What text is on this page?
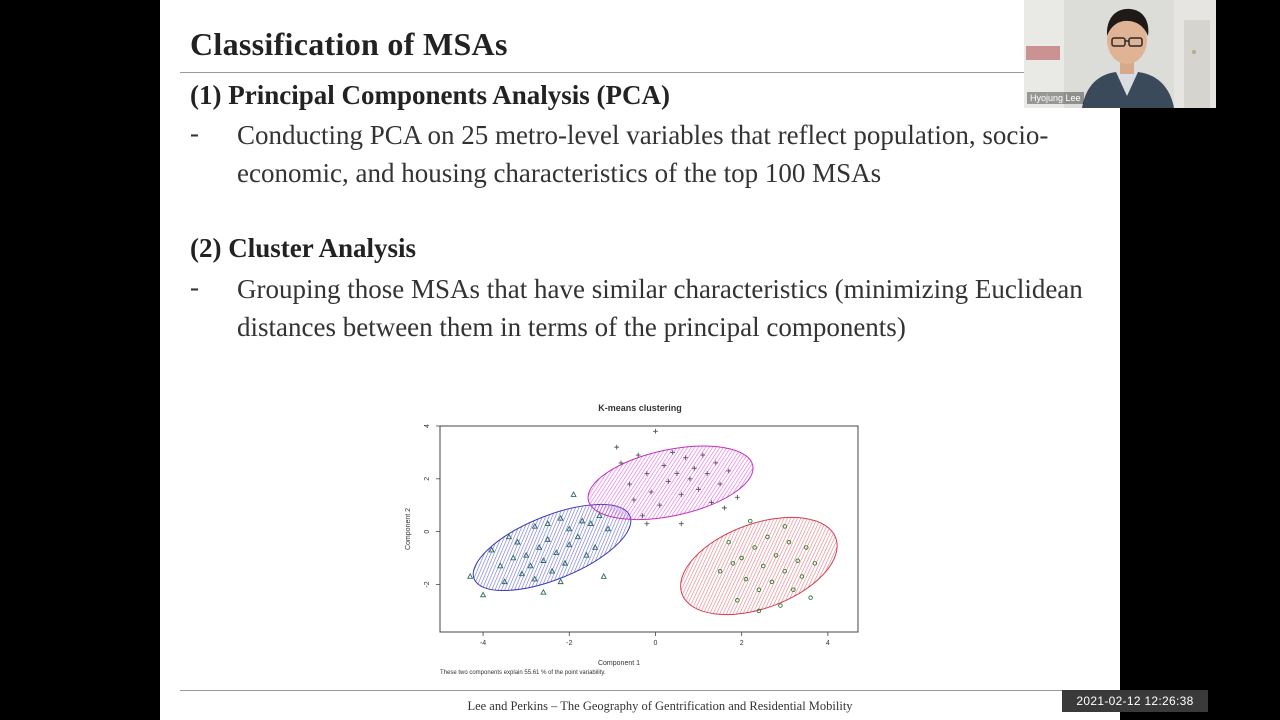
Classification of MSAs
(1) Principal Components Analysis (PCA)
- Conducting PCA on 25 metro-level variables that reflect population, socio-economic, and housing characteristics of the top 100 MSAs
(2) Cluster Analysis
- Grouping those MSAs that have similar characteristics (minimizing Euclidean distances between them in terms of the principal components)
K-means clustering
-4	-2	0	2	4
-2
0
2
4
Component 1
Component 2
These two components explain 55.61 % of the point variability.
Lee and Perkins – The Geography of Gentrification and Residential Mobility
Hyojung Lee
2021-02-12 12:26:38
